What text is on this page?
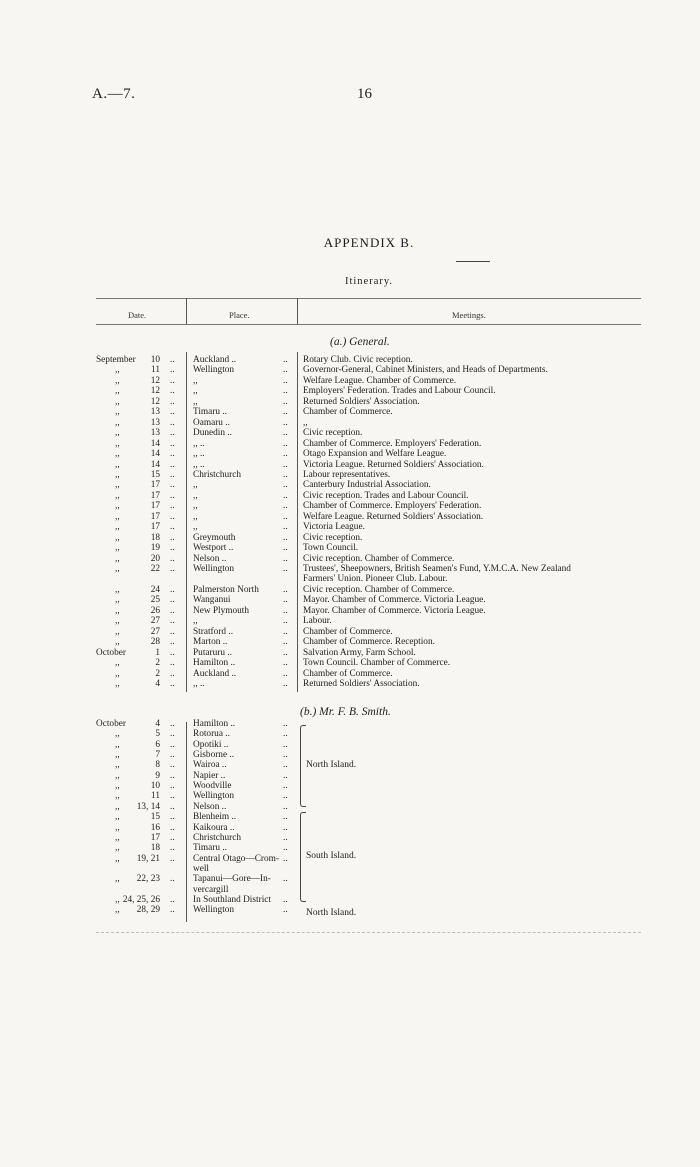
A.—7.	16
APPENDIX B.
Itinerary.
Date.	Place.	Meetings.
(a.) General.
(b.) Mr. F. B. Smith.
September	10	Auckland ..	Rotary Club. Civic reception.
..	..
,,	11	Wellington	Governor-General, Cabinet Ministers, and Heads of Departments.
..	..
,,	12	,,	Welfare League. Chamber of Commerce.
..	..
,,	12	,,	Employers' Federation. Trades and Labour Council.
..	..
,,	12	,,	Returned Soldiers' Association.
..	..
,,	13	Timaru ..	Chamber of Commerce.
..	..
,,	13	Oamaru ..	,,
..	..
,,	13	Dunedin ..	Civic reception.
..	..
,,	14	,, ..	Chamber of Commerce. Employers' Federation.
..	..
,,	14	,, ..	Otago Expansion and Welfare League.
..	..
,,	14	,, ..	Victoria League. Returned Soldiers' Association.
..	..
,,	15	Christchurch	Labour representatives.
..	..
,,	17	,,	Canterbury Industrial Association.
..	..
,,	17	,,	Civic reception. Trades and Labour Council.
..	..
,,	17	,,	Chamber of Commerce. Employers' Federation.
..	..
,,	17	,,	Welfare League. Returned Soldiers' Association.
..	..
,,	17	,,	Victoria League.
..	..
,,	18	Greymouth	Civic reception.
..	..
,,	19	Westport ..	Town Council.
..	..
,,	20	Nelson ..	Civic reception. Chamber of Commerce.
..	..
,,	22	Wellington	Trustees', Sheepowners, British Seamen's Fund, Y.M.C.A. New Zealand
..	..
Farmers' Union. Pioneer Club. Labour.
,,	24	Palmerston North	Civic reception. Chamber of Commerce.
..	..
,,	25	Wanganui	Mayor. Chamber of Commerce. Victoria League.
..	..
,,	26	New Plymouth	Mayor. Chamber of Commerce. Victoria League.
..	..
,,	27	,,	Labour.
..	..
,,	27	Stratford ..	Chamber of Commerce.
..	..
,,	28	Marton ..	Chamber of Commerce. Reception.
..	..
October	1	Putaruru ..	Salvation Army, Farm School.
..	..
,,	2	Hamilton ..	Town Council. Chamber of Commerce.
..	..
,,	2	Auckland ..	Chamber of Commerce.
..	..
,,	4	,, ..	Returned Soldiers' Association.
..	..
October	4	Hamilton ..
..	..
,,	5	Rotorua ..
..	..
,,	6	Opotiki ..
..	..
,,	7	Gisborne ..
..	..
,,	8	Wairoa ..
..	..
,,	9	Napier ..
..	..
,,	10	Woodville
..	..
,,	11	Wellington
..	..
,,	13, 14	Nelson ..
..	..
,,	15	Blenheim ..
..	..
,,	16	Kaikoura ..
..	..
,,	17	Christchurch
..	..
,,	18	Timaru ..
..	..
,,	19, 21	Central Otago—Crom-
..	..
well
,,	22, 23	Tapanui—Gore—In-
..	..
vercargill
,, 24, 25, 26	In Southland District
..	..
,,	28, 29	Wellington
..	..
North Island.
South Island.
North Island.
